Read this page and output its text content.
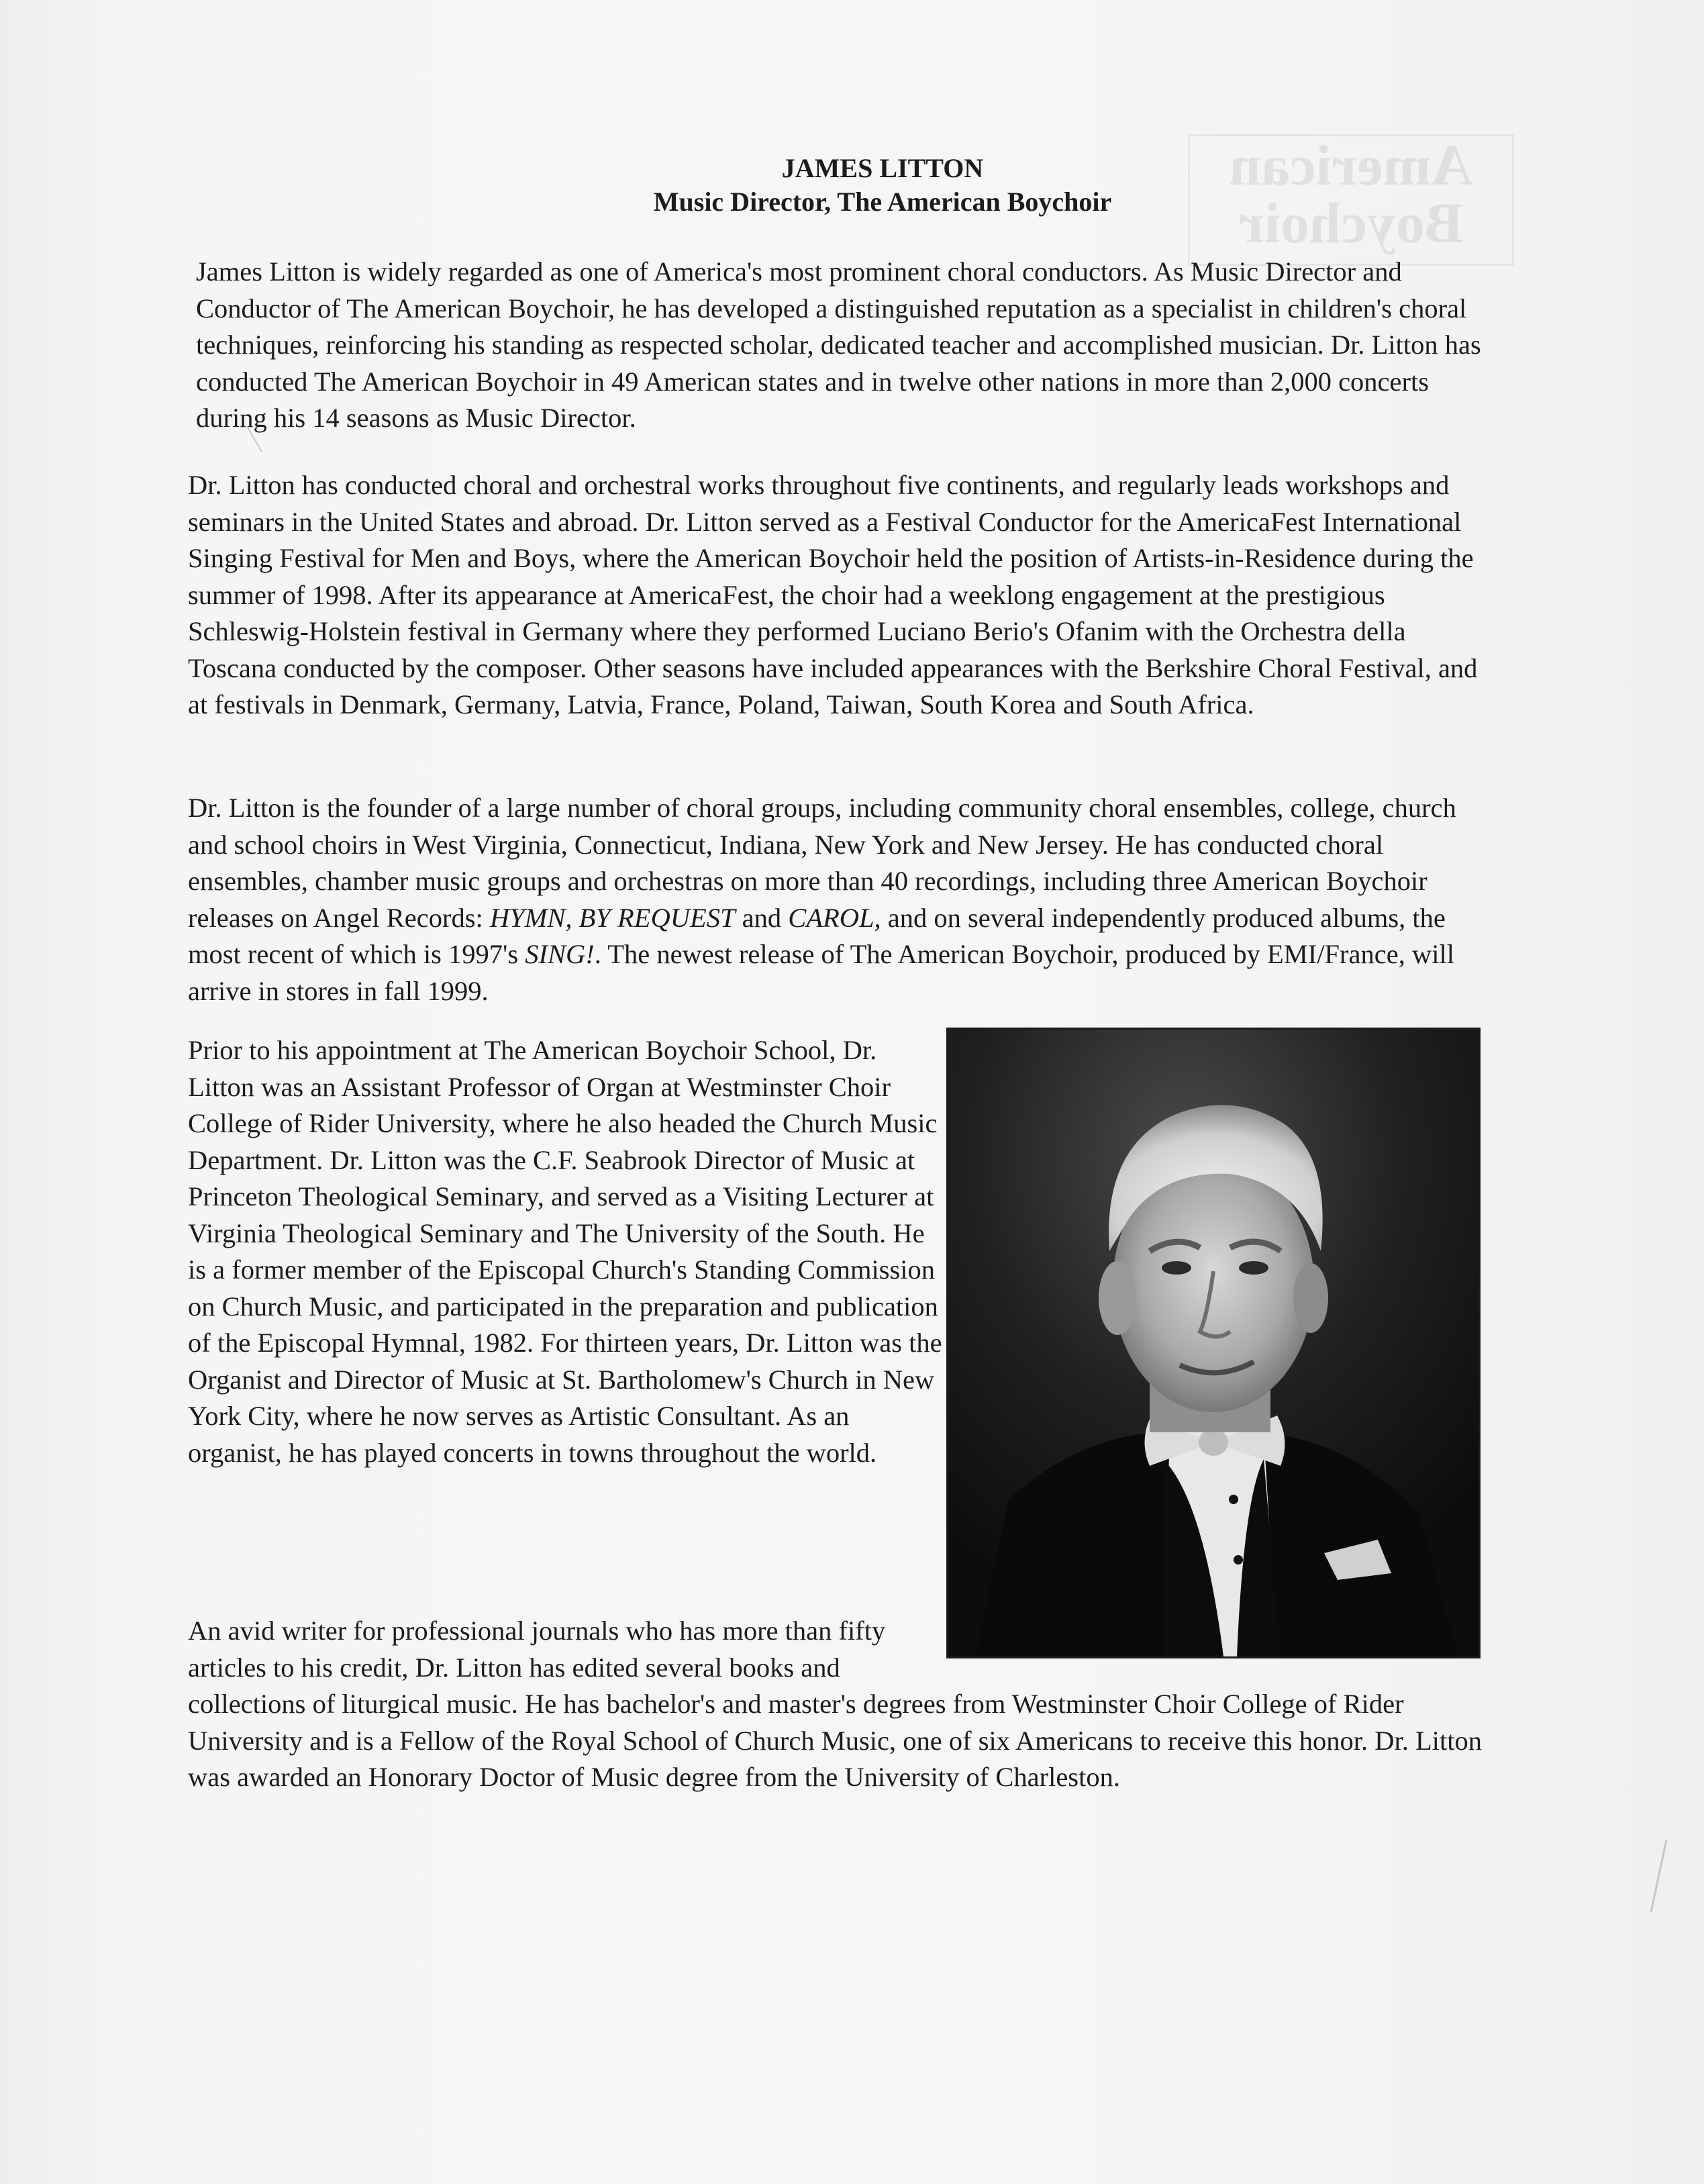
American
Boychoir
JAMES LITTON
Music Director, The American Boychoir

James Litton is widely regarded as one of America's most prominent choral conductors. As Music Director and Conductor of The American Boychoir, he has developed a distinguished reputation as a specialist in children's choral techniques, reinforcing his standing as respected scholar, dedicated teacher and accomplished musician. Dr. Litton has conducted The American Boychoir in 49 American states and in twelve other nations in more than 2,000 concerts during his 14 seasons as Music Director.

Dr. Litton has conducted choral and orchestral works throughout five continents, and regularly leads workshops and seminars in the United States and abroad. Dr. Litton served as a Festival Conductor for the AmericaFest International Singing Festival for Men and Boys, where the American Boychoir held the position of Artists-in-Residence during the summer of 1998. After its appearance at AmericaFest, the choir had a weeklong engagement at the prestigious Schleswig-Holstein festival in Germany where they performed Luciano Berio's Ofanim with the Orchestra della Toscana conducted by the composer. Other seasons have included appearances with the Berkshire Choral Festival, and at festivals in Denmark, Germany, Latvia, France, Poland, Taiwan, South Korea and South Africa.

Dr. Litton is the founder of a large number of choral groups, including community choral ensembles, college, church and school choirs in West Virginia, Connecticut, Indiana, New York and New Jersey. He has conducted choral ensembles, chamber music groups and orchestras on more than 40 recordings, including three American Boychoir releases on Angel Records: HYMN, BY REQUEST and CAROL, and on several independently produced albums, the most recent of which is 1997's SING!. The newest release of The American Boychoir, produced by EMI/France, will arrive in stores in fall 1999.

Prior to his appointment at The American Boychoir School, Dr. Litton was an Assistant Professor of Organ at Westminster Choir College of Rider University, where he also headed the Church Music Department. Dr. Litton was the C.F. Seabrook Director of Music at Princeton Theological Seminary, and served as a Visiting Lecturer at Virginia Theological Seminary and The University of the South. He is a former member of the Episcopal Church's Standing Commission on Church Music, and participated in the preparation and publication of the Episcopal Hymnal, 1982. For thirteen years, Dr. Litton was the Organist and Director of Music at St. Bartholomew's Church in New York City, where he now serves as Artistic Consultant. As an organist, he has played concerts in towns throughout the world.

An avid writer for professional journals who has more than fifty articles to his credit, Dr. Litton has edited several books and collections of liturgical music. He has bachelor's and master's degrees from Westminster Choir College of Rider University and is a Fellow of the Royal School of Church Music, one of six Americans to receive this honor. Dr. Litton was awarded an Honorary Doctor of Music degree from the University of Charleston.
